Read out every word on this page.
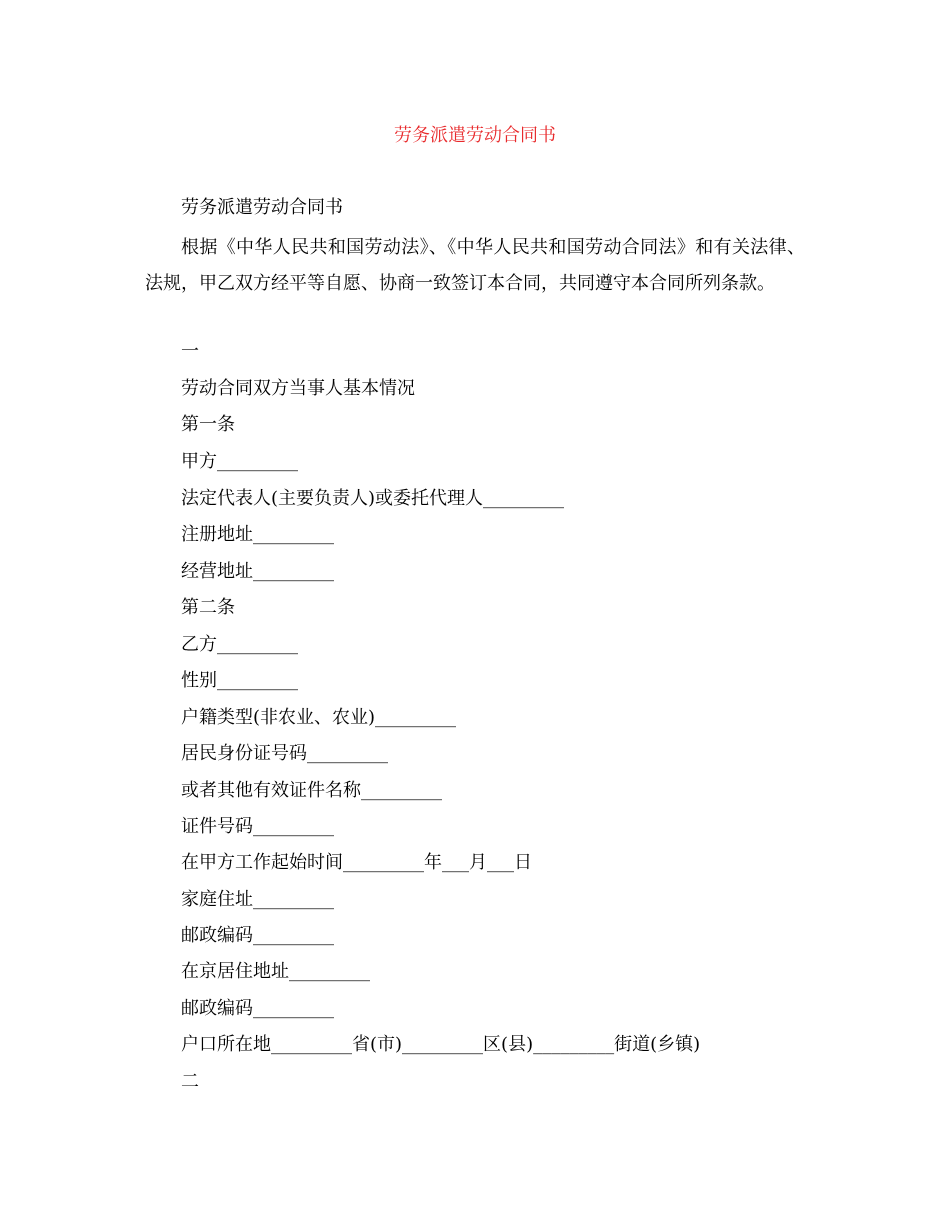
劳务派遣劳动合同书
劳务派遣劳动合同书
根据《中华人民共和国劳动法》、《中华人民共和国劳动合同法》和有关法律、法规，甲乙双方经平等自愿、协商一致签订本合同，共同遵守本合同所列条款。
一
劳动合同双方当事人基本情况
第一条
甲方_________
法定代表人(主要负责人)或委托代理人_________
注册地址_________
经营地址_________
第二条
乙方_________
性别_________
户籍类型(非农业、农业)_________
居民身份证号码_________
或者其他有效证件名称_________
证件号码_________
在甲方工作起始时间_________年___月___日
家庭住址_________
邮政编码_________
在京居住地址_________
邮政编码_________
户口所在地_________省(市)_________区(县)_________街道(乡镇)
二
